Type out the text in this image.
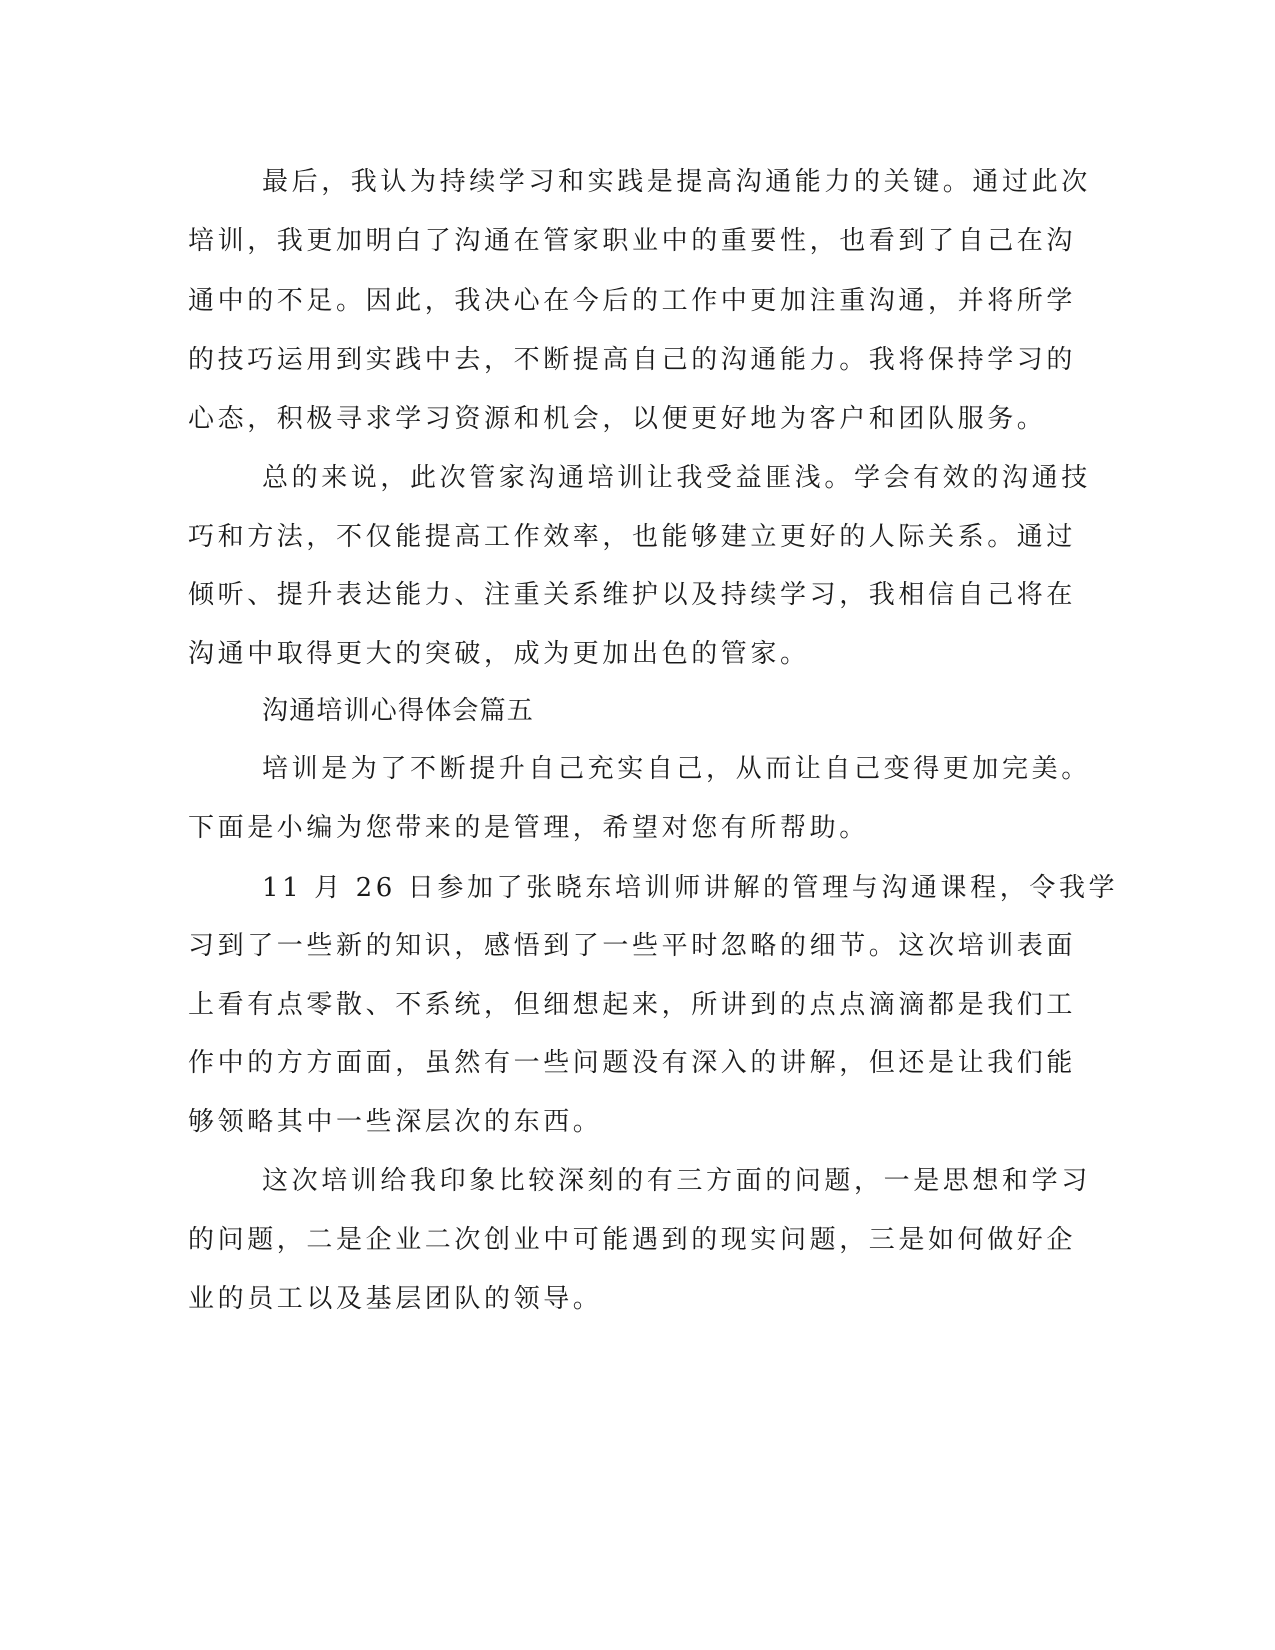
最后，我认为持续学习和实践是提高沟通能力的关键。通过此次
培训，我更加明白了沟通在管家职业中的重要性，也看到了自己在沟
通中的不足。因此，我决心在今后的工作中更加注重沟通，并将所学
的技巧运用到实践中去，不断提高自己的沟通能力。我将保持学习的
心态，积极寻求学习资源和机会，以便更好地为客户和团队服务。
总的来说，此次管家沟通培训让我受益匪浅。学会有效的沟通技
巧和方法，不仅能提高工作效率，也能够建立更好的人际关系。通过
倾听、提升表达能力、注重关系维护以及持续学习，我相信自己将在
沟通中取得更大的突破，成为更加出色的管家。
沟通培训心得体会篇五
培训是为了不断提升自己充实自己，从而让自己变得更加完美。
下面是小编为您带来的是管理，希望对您有所帮助。
11 月 26 日参加了张晓东培训师讲解的管理与沟通课程，令我学
习到了一些新的知识，感悟到了一些平时忽略的细节。这次培训表面
上看有点零散、不系统，但细想起来，所讲到的点点滴滴都是我们工
作中的方方面面，虽然有一些问题没有深入的讲解，但还是让我们能
够领略其中一些深层次的东西。
这次培训给我印象比较深刻的有三方面的问题，一是思想和学习
的问题，二是企业二次创业中可能遇到的现实问题，三是如何做好企
业的员工以及基层团队的领导。
